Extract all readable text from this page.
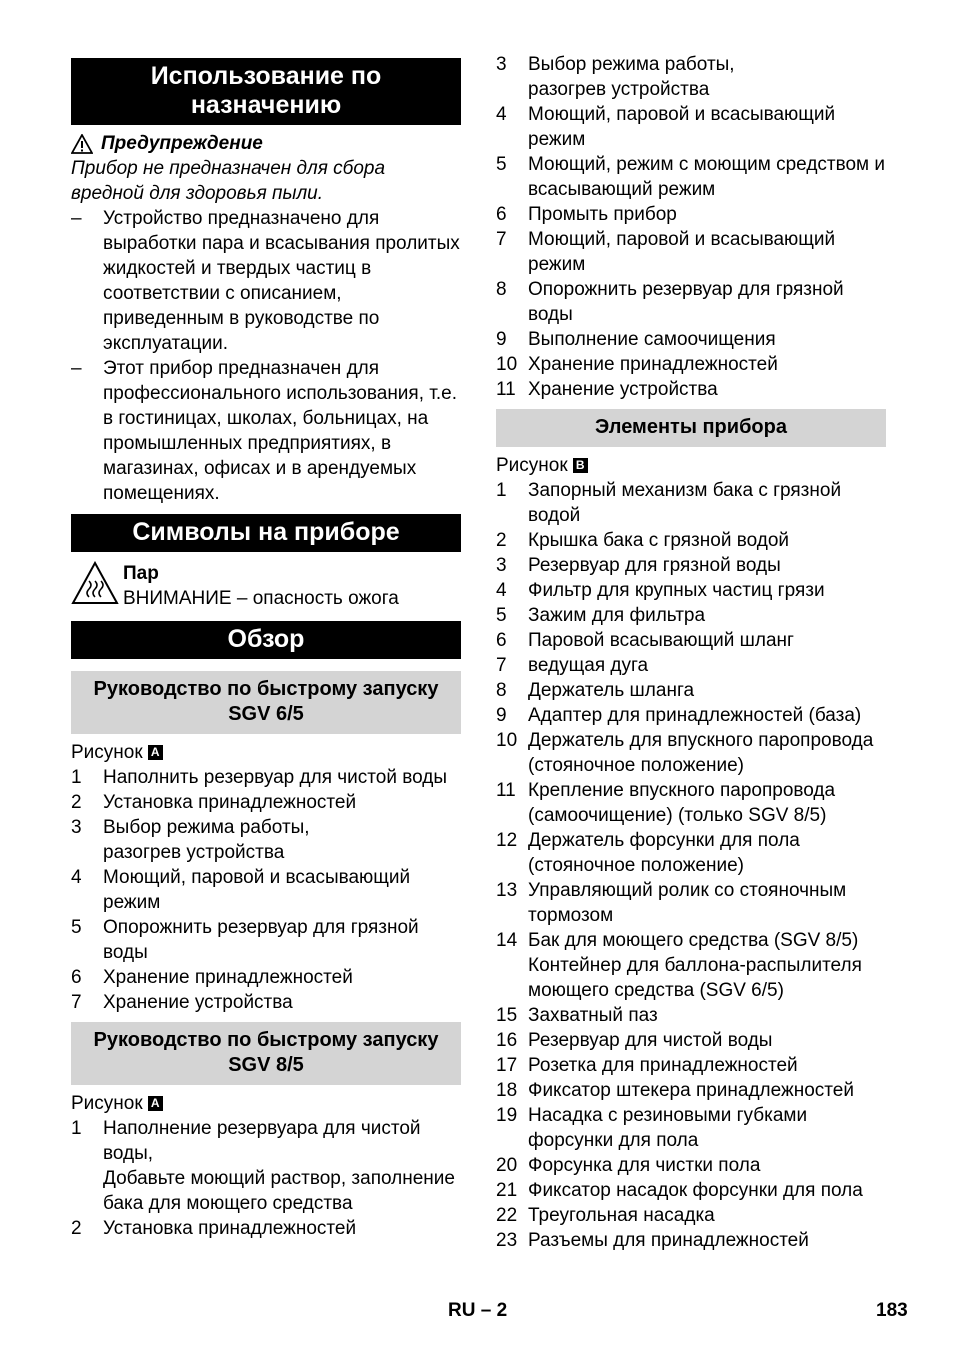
Использование по назначению
Предупреждение
Прибор не предназначен для сбора вредной для здоровья пыли.
–	Устройство предназначено для выработки пара и всасывания пролитых жидкостей и твердых частиц в соответствии с описанием, приведенным в руководстве по эксплуатации.
–	Этот прибор предназначен для профессионального использования, т.е. в гостиницах, школах, больницах, на промышленных предприятиях, в магазинах, офисах и в арендуемых помещениях.
Символы на приборе
Пар
ВНИМАНИЕ – опасность ожога
Обзор
Руководство по быстрому запуску SGV 6/5
Рисунок A
1	Наполнить резервуар для чистой воды
2	Установка принадлежностей
3	Выбор режима работы, разогрев устройства
4	Моющий, паровой и всасывающий режим
5	Опорожнить резервуар для грязной воды
6	Хранение принадлежностей
7	Хранение устройства
Руководство по быстрому запуску SGV 8/5
Рисунок A
1	Наполнение резервуара для чистой воды,
Добавьте моющий раствор, заполнение бака для моющего средства
2	Установка принадлежностей
3	Выбор режима работы, разогрев устройства
4	Моющий, паровой и всасывающий режим
5	Моющий, режим с моющим средством и всасывающий режим
6	Промыть прибор
7	Моющий, паровой и всасывающий режим
8	Опорожнить резервуар для грязной воды
9	Выполнение самоочищения
10 Хранение принадлежностей
11 Хранение устройства
Элементы прибора
Рисунок B
1	Запорный механизм бака с грязной водой
2	Крышка бака с грязной водой
3	Резервуар для грязной воды
4	Фильтр для крупных частиц грязи
5	Зажим для фильтра
6	Паровой всасывающий шланг
7	ведущая дуга
8	Держатель шланга
9	Адаптер для принадлежностей (база)
10 Держатель для впускного паропровода (стояночное положение)
11 Крепление впускного паропровода (самоочищение) (только SGV 8/5)
12 Держатель форсунки для пола (стояночное положение)
13 Управляющий ролик со стояночным тормозом
14 Бак для моющего средства (SGV 8/5) Контейнер для баллона-распылителя моющего средства (SGV 6/5)
15 Захватный паз
16 Резервуар для чистой воды
17 Розетка для принадлежностей
18 Фиксатор штекера принадлежностей
19 Насадка с резиновыми губками форсунки для пола
20 Форсунка для чистки пола
21 Фиксатор насадок форсунки для пола
22 Треугольная насадка
23 Разъемы для принадлежностей
RU – 2	183
